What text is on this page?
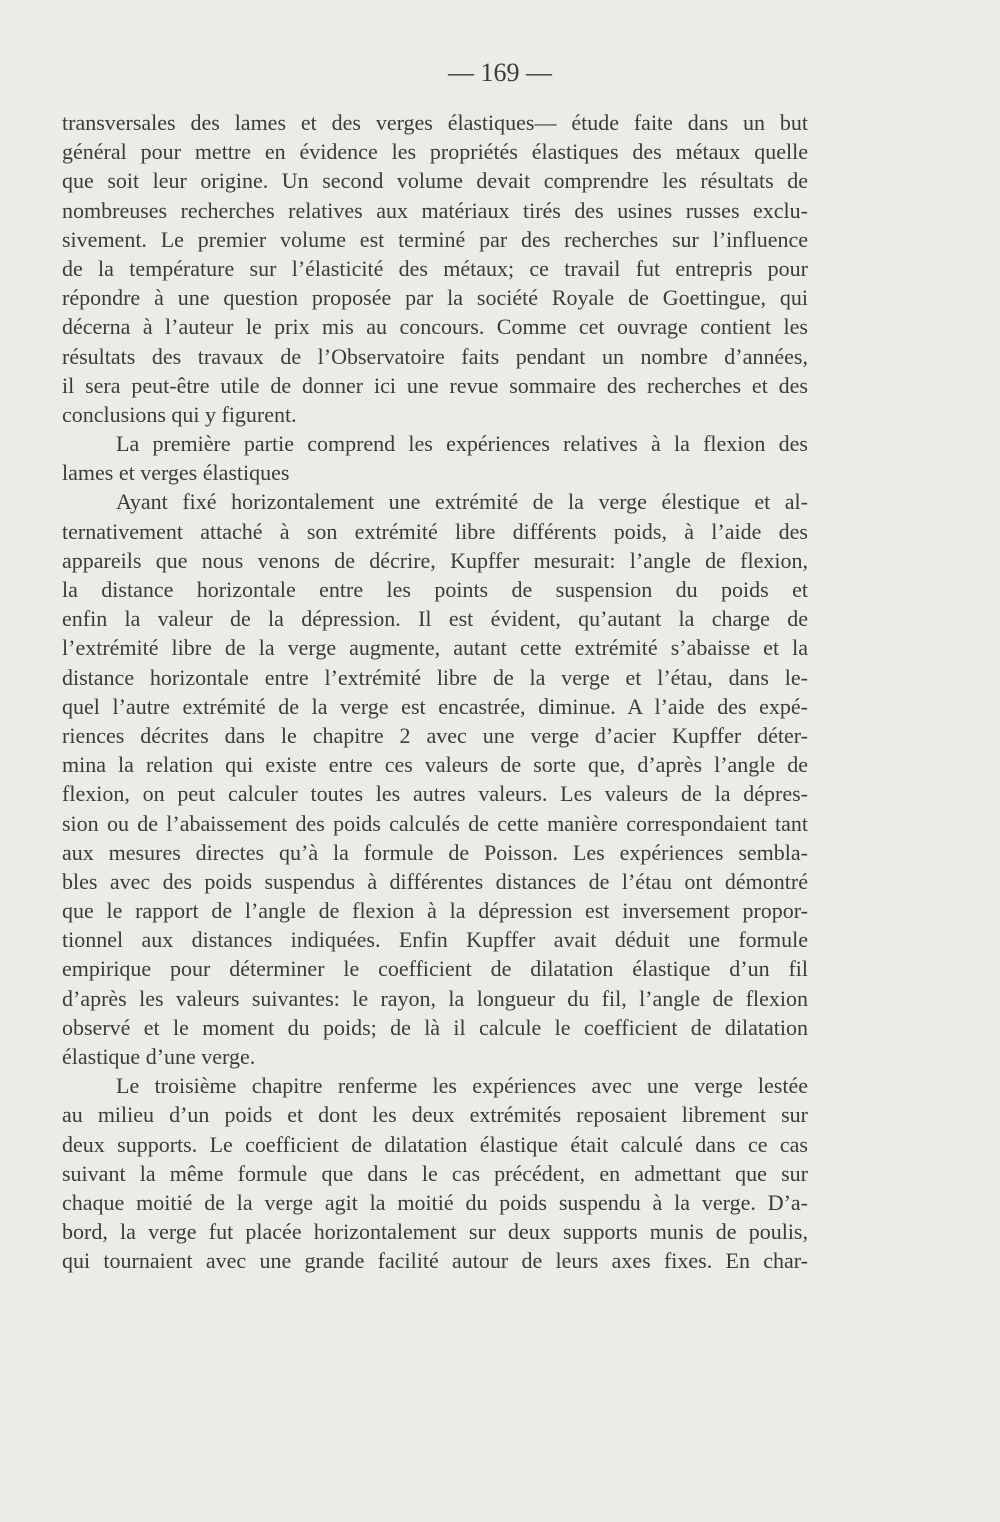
— 169 —
transversales des lames et des verges élastiques— étude faite dans un but
général pour mettre en évidence les propriétés élastiques des métaux quelle
que soit leur origine. Un second volume devait comprendre les résultats de
nombreuses recherches relatives aux matériaux tirés des usines russes exclu-
sivement. Le premier volume est terminé par des recherches sur l’influence
de la température sur l’élasticité des métaux; ce travail fut entrepris pour
répondre à une question proposée par la société Royale de Goettingue, qui
décerna à l’auteur le prix mis au concours. Comme cet ouvrage contient les
résultats des travaux de l’Observatoire faits pendant un nombre d’années,
il sera peut-être utile de donner ici une revue sommaire des recherches et des
conclusions qui y figurent.
La première partie comprend les expériences relatives à la flexion des
lames et verges élastiques
Ayant fixé horizontalement une extrémité de la verge élestique et al-
ternativement attaché à son extrémité libre différents poids, à l’aide des
appareils que nous venons de décrire, Kupffer mesurait: l’angle de flexion,
la distance horizontale entre les points de suspension du poids et
enfin la valeur de la dépression. Il est évident, qu’autant la charge de
l’extrémité libre de la verge augmente, autant cette extrémité s’abaisse et la
distance horizontale entre l’extrémité libre de la verge et l’étau, dans le-
quel l’autre extrémité de la verge est encastrée, diminue. A l’aide des expé-
riences décrites dans le chapitre 2 avec une verge d’acier Kupffer déter-
mina la relation qui existe entre ces valeurs de sorte que, d’après l’angle de
flexion, on peut calculer toutes les autres valeurs. Les valeurs de la dépres-
sion ou de l’abaissement des poids calculés de cette manière correspondaient tant
aux mesures directes qu’à la formule de Poisson. Les expériences sembla-
bles avec des poids suspendus à différentes distances de l’étau ont démontré
que le rapport de l’angle de flexion à la dépression est inversement propor-
tionnel aux distances indiquées. Enfin Kupffer avait déduit une formule
empirique pour déterminer le coefficient de dilatation élastique d’un fil
d’après les valeurs suivantes: le rayon, la longueur du fil, l’angle de flexion
observé et le moment du poids; de là il calcule le coefficient de dilatation
élastique d’une verge.
Le troisième chapitre renferme les expériences avec une verge lestée
au milieu d’un poids et dont les deux extrémités reposaient librement sur
deux supports. Le coefficient de dilatation élastique était calculé dans ce cas
suivant la même formule que dans le cas précédent, en admettant que sur
chaque moitié de la verge agit la moitié du poids suspendu à la verge. D’a-
bord, la verge fut placée horizontalement sur deux supports munis de poulis,
qui tournaient avec une grande facilité autour de leurs axes fixes. En char-
